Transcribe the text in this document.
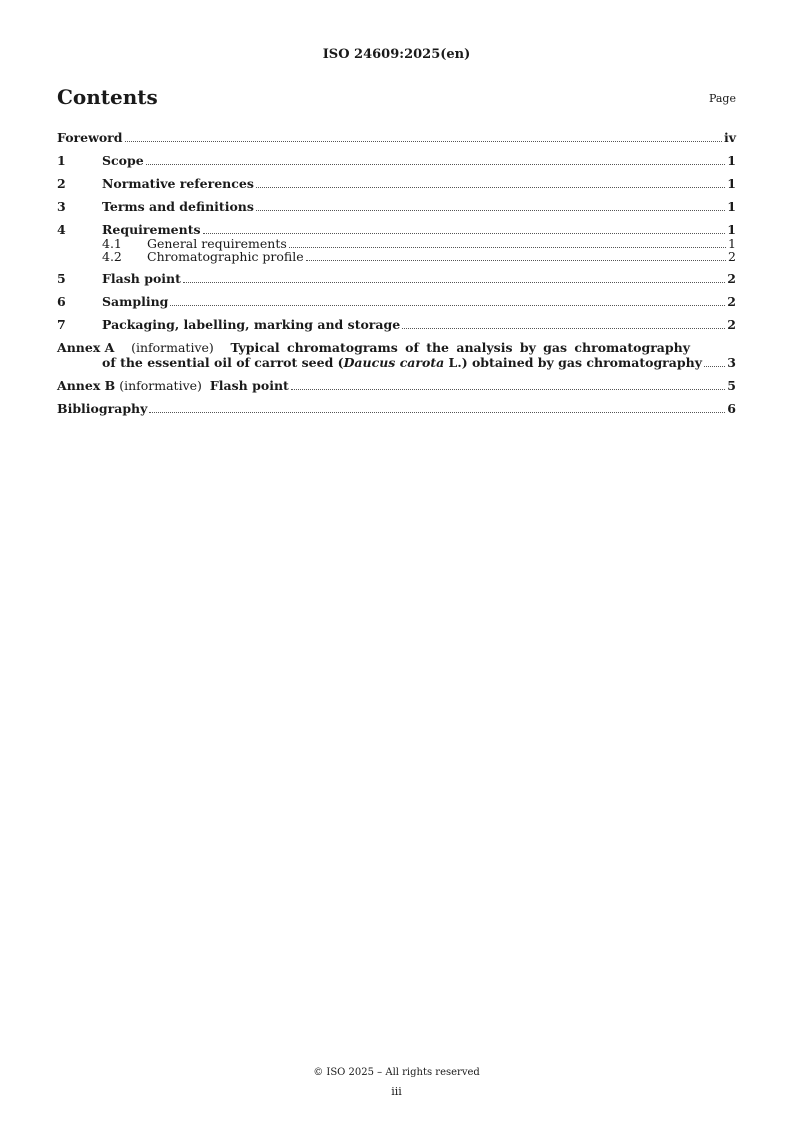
ISO 24609:2025(en)
Contents	Page
Foreword	iv
1	Scope	1
2	Normative references	1
3	Terms and definitions	1
4	Requirements	1
4.1	General requirements	1
4.2	Chromatographic profile	2
5	Flash point	2
6	Sampling	2
7	Packaging, labelling, marking and storage	2
Annex A (informative) Typical chromatograms of the analysis by gas chromatography
of the essential oil of carrot seed (Daucus carota L.) obtained by gas chromatography 3
Annex B (informative) Flash point	5
Bibliography	6
© ISO 2025 – All rights reserved
iii
